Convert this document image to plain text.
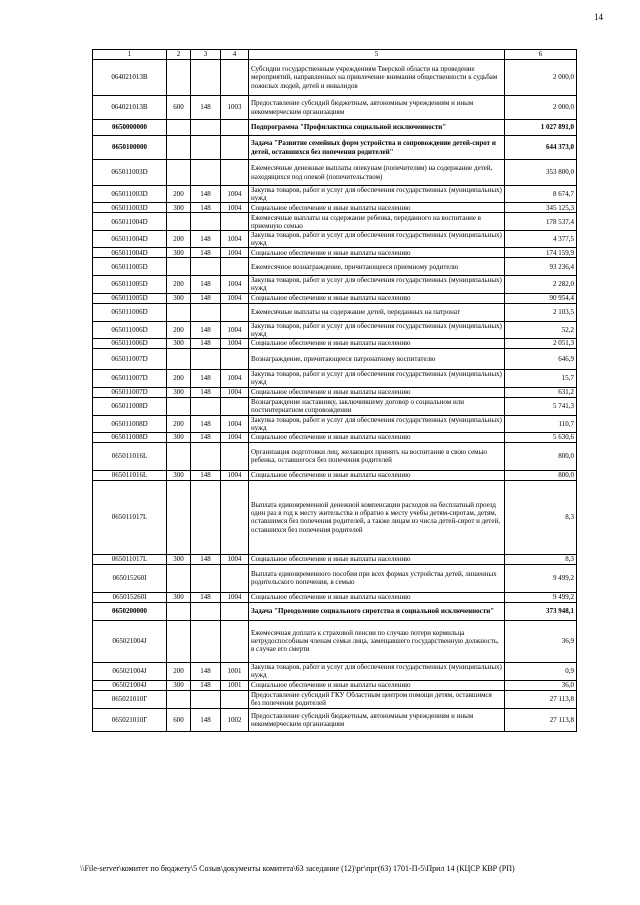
14
1	2	3	4	5	6
064021013B				Субсидии государственным учреждениям Тверской области на проведение мероприятий, направленных на привлечение внимания общественности к судьбам пожилых людей, детей и инвалидов	2 000,0
064021013B	600	148	1003	Предоставление субсидий бюджетным, автономным учреждениям и иным некоммерческим организациям	2 000,0
0650000000				Подпрограмма "Профилактика социальной исключенности"	1 027 891,0
0650100000				Задача "Развитие семейных форм устройства и сопровождение детей-сирот и детей, оставшихся без попечения родителей"	644 373,0
065011003D				Ежемесячные денежные выплаты опекунам (попечителям) на содержание детей, находящихся под опекой (попечительством)	353 800,0
065011003D	200	148	1004	Закупка товаров, работ и услуг для обеспечения государственных (муниципальных) нужд	8 674,7
065011003D	300	148	1004	Социальное обеспечение и иные выплаты населению	345 125,3
065011004D				Ежемесячные выплаты на содержание ребенка, переданного на воспитание в приемную семью	178 537,4
065011004D	200	148	1004	Закупка товаров, работ и услуг для обеспечения государственных (муниципальных) нужд	4 377,5
065011004D	300	148	1004	Социальное обеспечение и иные выплаты населению	174 159,9
065011005D				Ежемесячное вознаграждение, причитающееся приемному родителю	93 236,4
065011005D	200	148	1004	Закупка товаров, работ и услуг для обеспечения государственных (муниципальных) нужд	2 282,0
065011005D	300	148	1004	Социальное обеспечение и иные выплаты населению	90 954,4
065011006D				Ежемесячные выплаты на содержание детей, переданных на патронат	2 103,5
065011006D	200	148	1004	Закупка товаров, работ и услуг для обеспечения государственных (муниципальных) нужд	52,2
065011006D	300	148	1004	Социальное обеспечение и иные выплаты населению	2 051,3
065011007D				Вознаграждение, причитающееся патронатному воспитателю	646,9
065011007D	200	148	1004	Закупка товаров, работ и услуг для обеспечения государственных (муниципальных) нужд	15,7
065011007D	300	148	1004	Социальное обеспечение и иные выплаты населению	631,2
065011008D				Вознаграждение наставнику, заключившему договор о социальном или постинтернатном сопровождении	5 741,3
065011008D	200	148	1004	Закупка товаров, работ и услуг для обеспечения государственных (муниципальных) нужд	110,7
065011008D	300	148	1004	Социальное обеспечение и иные выплаты населению	5 630,6
065011016L				Организация подготовки лиц, желающих принять на воспитание в свою семью ребенка, оставшегося без попечения родителей	800,0
065011016L	300	148	1004	Социальное обеспечение и иные выплаты населению	800,0
065011017L				Выплата единовременной денежной компенсации расходов на бесплатный проезд один раз в год к месту жительства и обратно к месту учебы детям-сиротам, детям, оставшимся без попечения родителей, а также лицам из числа детей-сирот и детей, оставшихся без попечения родителей	8,3
065011017L	300	148	1004	Социальное обеспечение и иные выплаты населению	8,3
065015260I				Выплата единовременного пособия при всех формах устройства детей, лишенных родительского попечения, в семью	9 499,2
065015260I	300	148	1004	Социальное обеспечение и иные выплаты населению	9 499,2
0650200000				Задача "Преодоление социального сиротства и социальной исключенности"	373 948,1
065021004J				Ежемесячная доплата к страховой пенсии по случаю потери кормильца нетрудоспособным членам семьи лица, замещавшего государственную должность, в случае его смерти	36,9
065021004J	200	148	1001	Закупка товаров, работ и услуг для обеспечения государственных (муниципальных) нужд	0,9
065021004J	300	148	1001	Социальное обеспечение и иные выплаты населению	36,0
065021010Г				Предоставление субсидий ГКУ Областным центром помощи детям, оставшимся без попечения родителей	27 113,8
065021010Г	600	148	1002	Предоставление субсидий бюджетным, автономным учреждениям и иным некоммерческим организациям	27 113,8
\\File-server\комитет по бюджету\5 Созыв\документы комитета\63 заседание (12)\рг\прг(63) 1701-П-5\Прил 14 (КЦСР КВР (РП)
